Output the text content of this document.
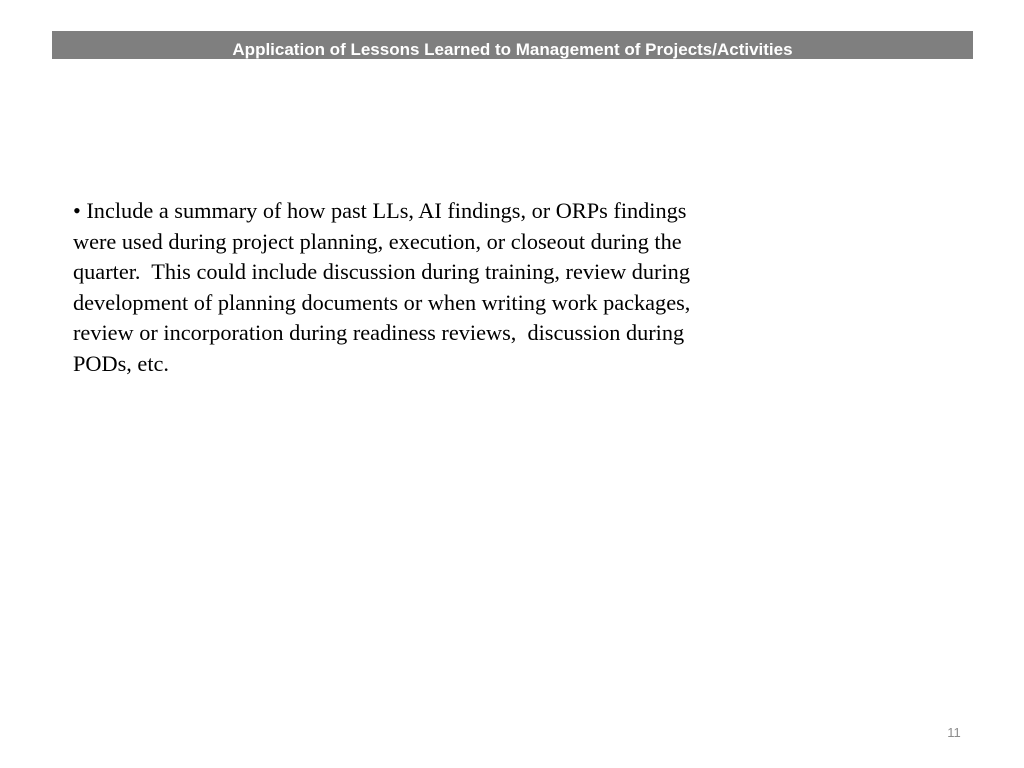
Application of Lessons Learned to Management of Projects/Activities
• Include a summary of how past LLs, AI findings, or ORPs findings
were used during project planning, execution, or closeout during the
quarter.  This could include discussion during training, review during
development of planning documents or when writing work packages,
review or incorporation during readiness reviews,  discussion during
PODs, etc.
11
